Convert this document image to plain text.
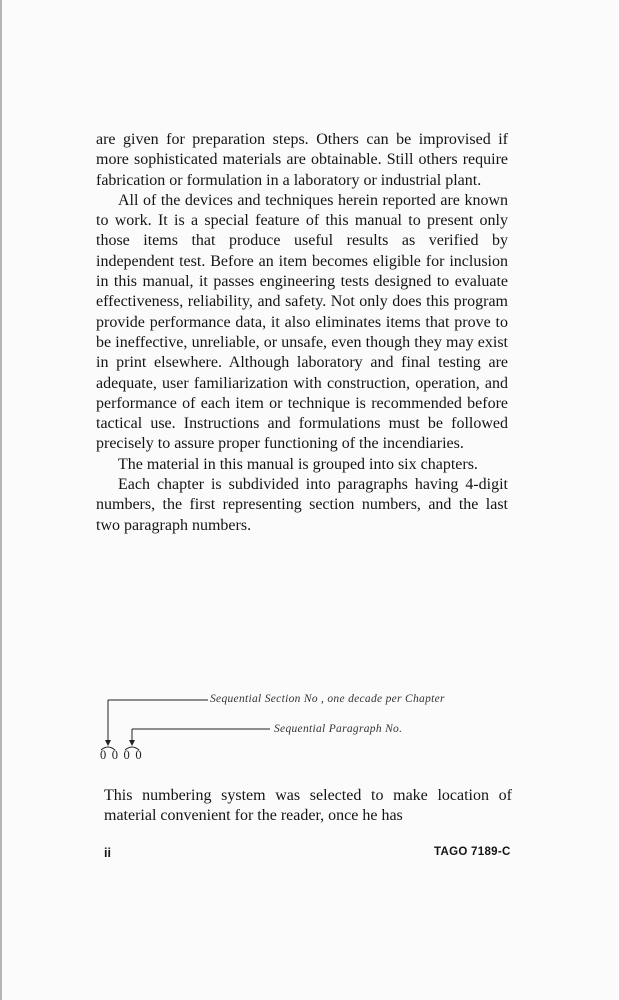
are given for preparation steps. Others can be improvised if more sophisticated materials are obtainable. Still others require fabrication or formulation in a laboratory or industrial plant.

All of the devices and techniques herein reported are known to work. It is a special feature of this manual to present only those items that produce useful results as verified by independent test. Before an item becomes eligible for inclusion in this manual, it passes engineering tests designed to evaluate effectiveness, reliability, and safety. Not only does this program provide performance data, it also eliminates items that prove to be ineffective, unreliable, or unsafe, even though they may exist in print elsewhere. Although laboratory and final testing are adequate, user familiarization with construction, operation, and performance of each item or technique is recommended before tactical use. Instructions and formulations must be followed precisely to assure proper functioning of the incendiaries.

The material in this manual is grouped into six chapters.

Each chapter is subdivided into paragraphs having 4-digit numbers, the first representing section numbers, and the last two paragraph numbers.

Sequential Section No , one decade per Chapter
Sequential Paragraph No.
0 0 0 0

This numbering system was selected to make location of material convenient for the reader, once he has

ii	TAGO 7189-C
